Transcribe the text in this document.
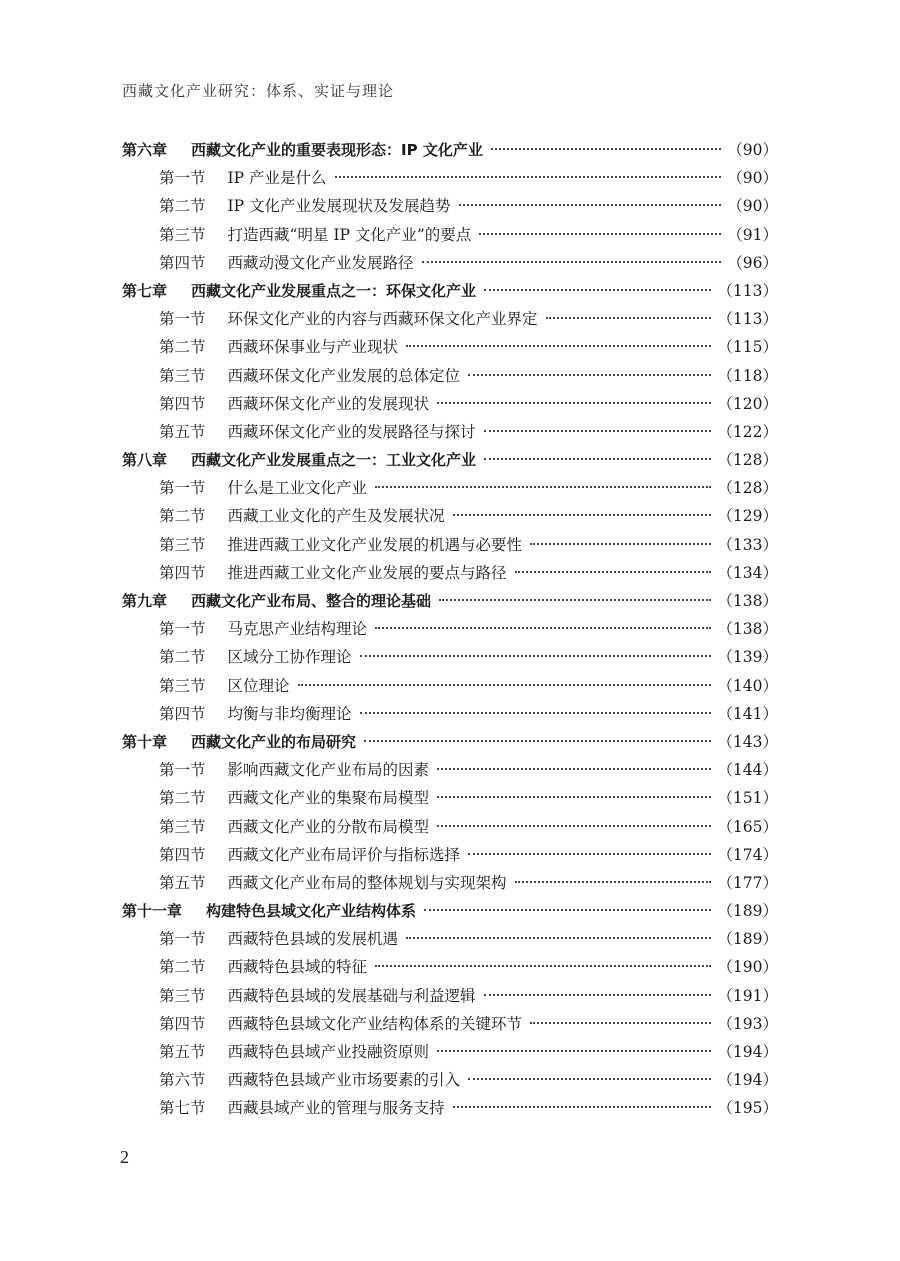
西藏文化产业研究：体系、实证与理论
第六章 西藏文化产业的重要表现形态：IP 文化产业	（90）
第一节 IP 产业是什么	（90）
第二节 IP 文化产业发展现状及发展趋势	（90）
第三节 打造西藏“明星 IP 文化产业”的要点	（91）
第四节 西藏动漫文化产业发展路径	（96）
第七章 西藏文化产业发展重点之一：环保文化产业	（113）
第一节 环保文化产业的内容与西藏环保文化产业界定	（113）
第二节 西藏环保事业与产业现状	（115）
第三节 西藏环保文化产业发展的总体定位	（118）
第四节 西藏环保文化产业的发展现状	（120）
第五节 西藏环保文化产业的发展路径与探讨	（122）
第八章 西藏文化产业发展重点之一：工业文化产业	（128）
第一节 什么是工业文化产业	（128）
第二节 西藏工业文化的产生及发展状况	（129）
第三节 推进西藏工业文化产业发展的机遇与必要性	（133）
第四节 推进西藏工业文化产业发展的要点与路径	（134）
第九章 西藏文化产业布局、整合的理论基础	（138）
第一节 马克思产业结构理论	（138）
第二节 区域分工协作理论	（139）
第三节 区位理论	（140）
第四节 均衡与非均衡理论	（141）
第十章 西藏文化产业的布局研究	（143）
第一节 影响西藏文化产业布局的因素	（144）
第二节 西藏文化产业的集聚布局模型	（151）
第三节 西藏文化产业的分散布局模型	（165）
第四节 西藏文化产业布局评价与指标选择	（174）
第五节 西藏文化产业布局的整体规划与实现架构	（177）
第十一章 构建特色县域文化产业结构体系	（189）
第一节 西藏特色县域的发展机遇	（189）
第二节 西藏特色县域的特征	（190）
第三节 西藏特色县域的发展基础与利益逻辑	（191）
第四节 西藏特色县域文化产业结构体系的关键环节	（193）
第五节 西藏特色县域产业投融资原则	（194）
第六节 西藏特色县域产业市场要素的引入	（194）
第七节 西藏县域产业的管理与服务支持	（195）
2
